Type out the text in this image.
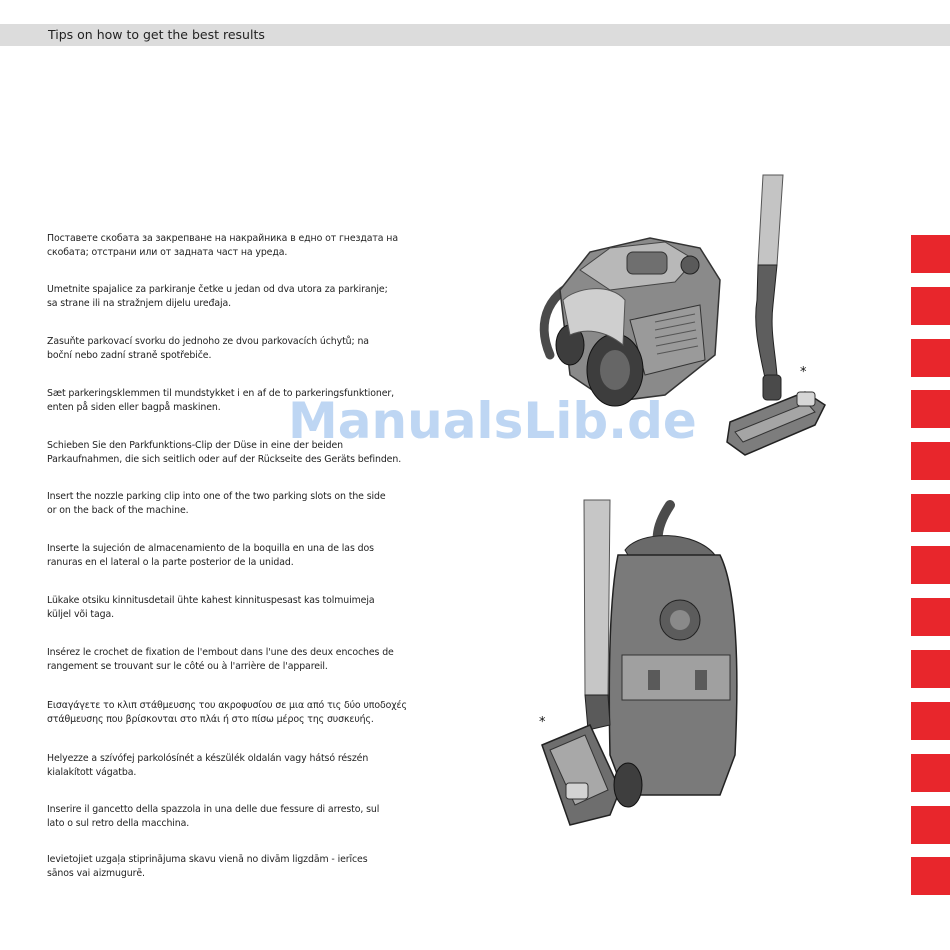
Tips on how to get the best results
Поставете скобата за закрепване на накрайника в едно от гнездата на
скобата; отстрани или от задната част на уреда.
Umetnite spajalice za parkiranje četke u jedan od dva utora za parkiranje;
sa strane ili na stražnjem dijelu uređaja.
Zasuňte parkovací svorku do jednoho ze dvou parkovacích úchytů; na
boční nebo zadní straně spotřebiče.
Sæt parkeringsklemmen til mundstykket i en af de to parkeringsfunktioner,
enten på siden eller bagpå maskinen.
Schieben Sie den Parkfunktions-Clip der Düse in eine der beiden
Parkaufnahmen, die sich seitlich oder auf der Rückseite des Geräts befinden.
Insert the nozzle parking clip into one of the two parking slots on the side
or on the back of the machine.
Inserte la sujeción de almacenamiento de la boquilla en una de las dos
ranuras en el lateral o la parte posterior de la unidad.
Lükake otsiku kinnitusdetail ühte kahest kinnituspesast kas tolmuimeja
küljel või taga.
Insérez le crochet de fixation de l'embout dans l'une des deux encoches de
rangement se trouvant sur le côté ou à l'arrière de l'appareil.
Εισαγάγετε το κλιπ στάθμευσης του ακροφυσίου σε μια από τις δύο υποδοχές
στάθμευσης που βρίσκονται στο πλάι ή στο πίσω μέρος της συσκευής.
Helyezze a szívófej parkolósínét a készülék oldalán vagy hátsó részén
kialakított vágatba.
Inserire il gancetto della spazzola in una delle due fessure di arresto, sul
lato o sul retro della macchina.
Ievietojiet uzgaļa stiprinājuma skavu vienā no divām ligzdām - ierīces
sānos vai aizmugurē.
*
*
ManualsLib.de
